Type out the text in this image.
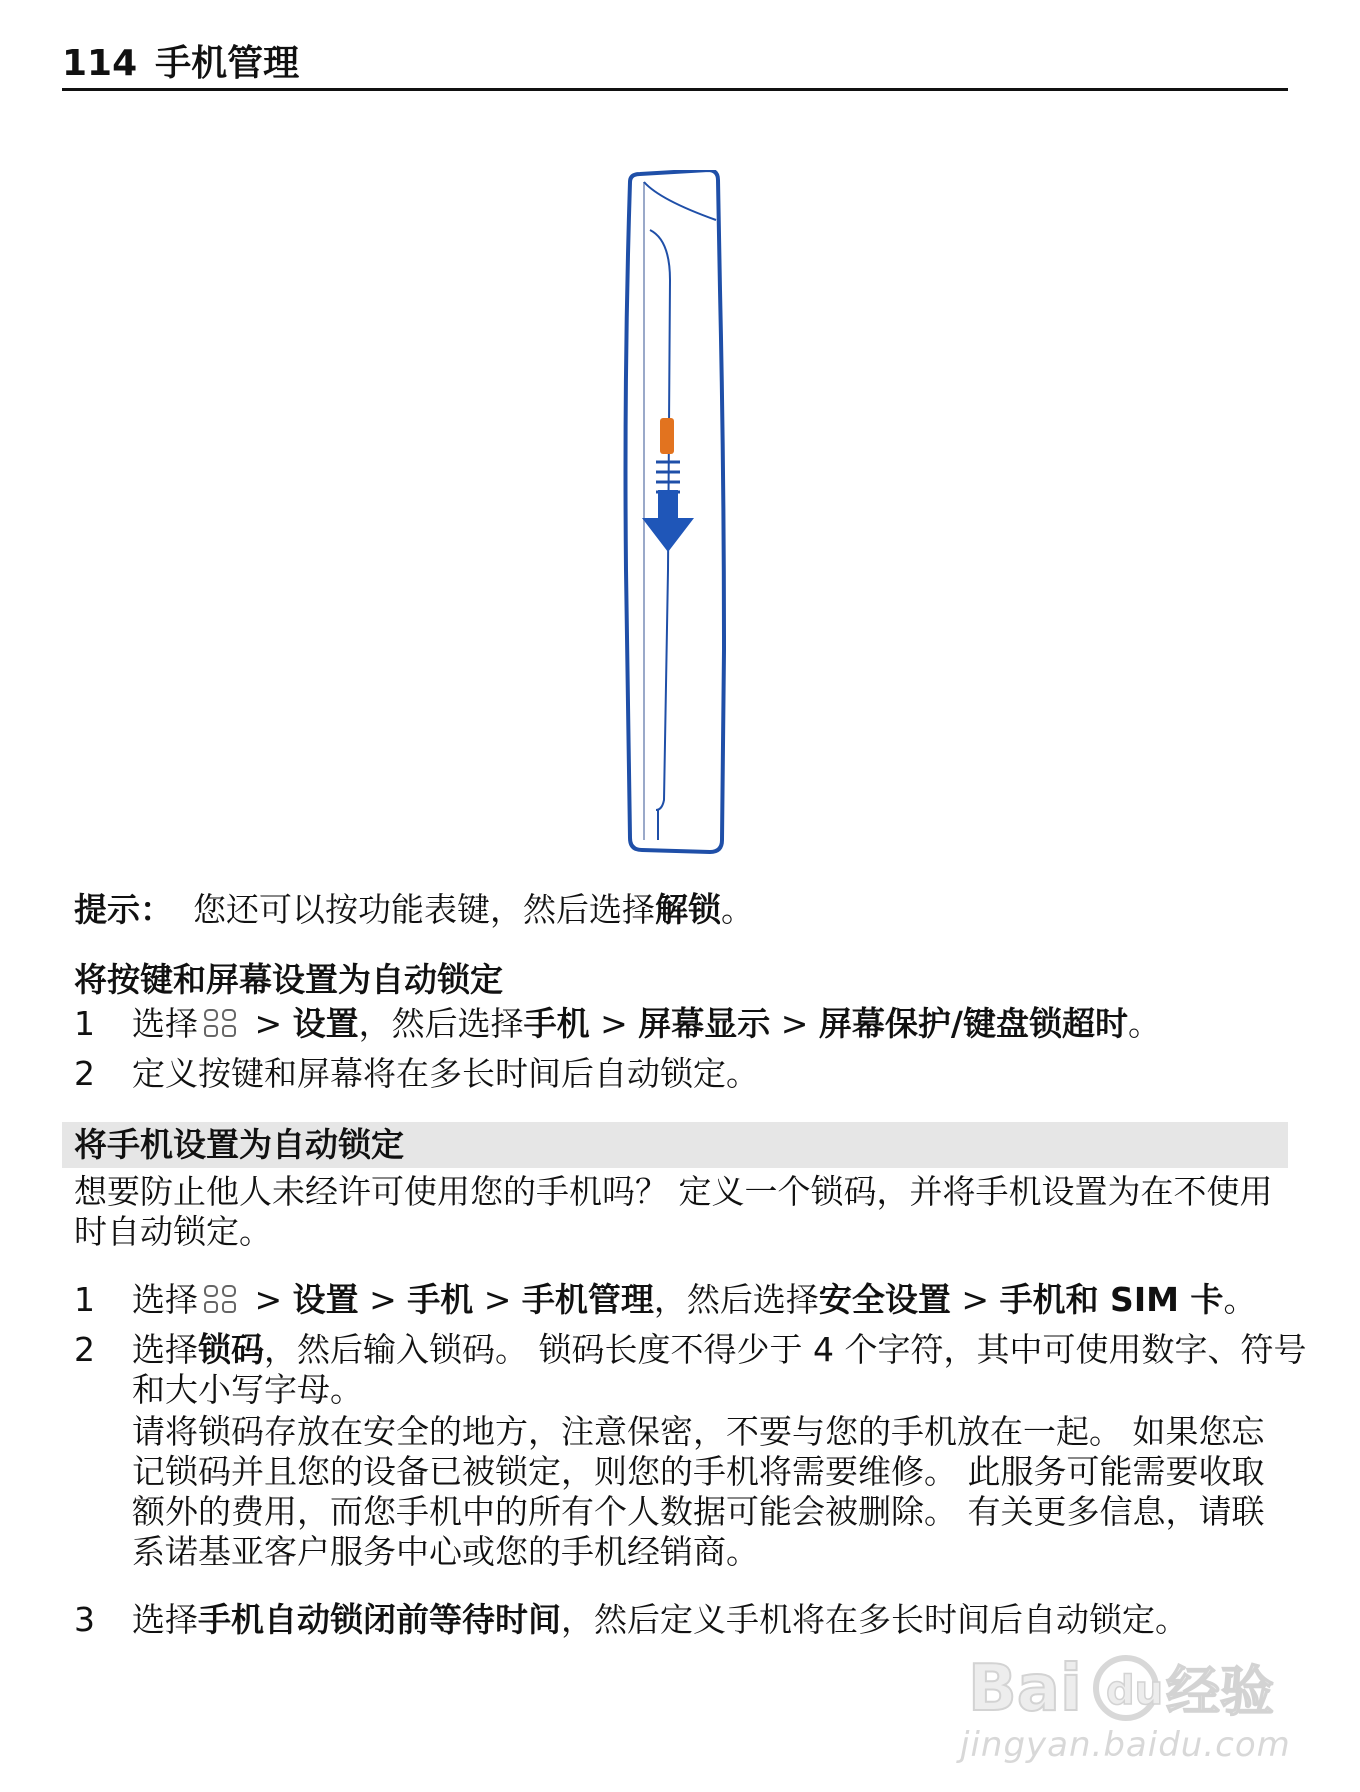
114 手机管理
提示： 您还可以按功能表键，然后选择解锁。
将按键和屏幕设置为自动锁定
1	选择 > 设置，然后选择手机 > 屏幕显示 > 屏幕保护/键盘锁超时。
2	定义按键和屏幕将在多长时间后自动锁定。
将手机设置为自动锁定
想要防止他人未经许可使用您的手机吗？ 定义一个锁码，并将手机设置为在不使用时自动锁定。
1	选择 > 设置 > 手机 > 手机管理，然后选择安全设置 > 手机和 SIM 卡。
2	选择锁码，然后输入锁码。 锁码长度不得少于 4 个字符，其中可使用数字、符号和大小写字母。
请将锁码存放在安全的地方，注意保密，不要与您的手机放在一起。 如果您忘记锁码并且您的设备已被锁定，则您的手机将需要维修。 此服务可能需要收取额外的费用，而您手机中的所有个人数据可能会被删除。 有关更多信息，请联系诺基亚客户服务中心或您的手机经销商。
3	选择手机自动锁闭前等待时间，然后定义手机将在多长时间后自动锁定。
Bai du 经验
jingyan.baidu.com
